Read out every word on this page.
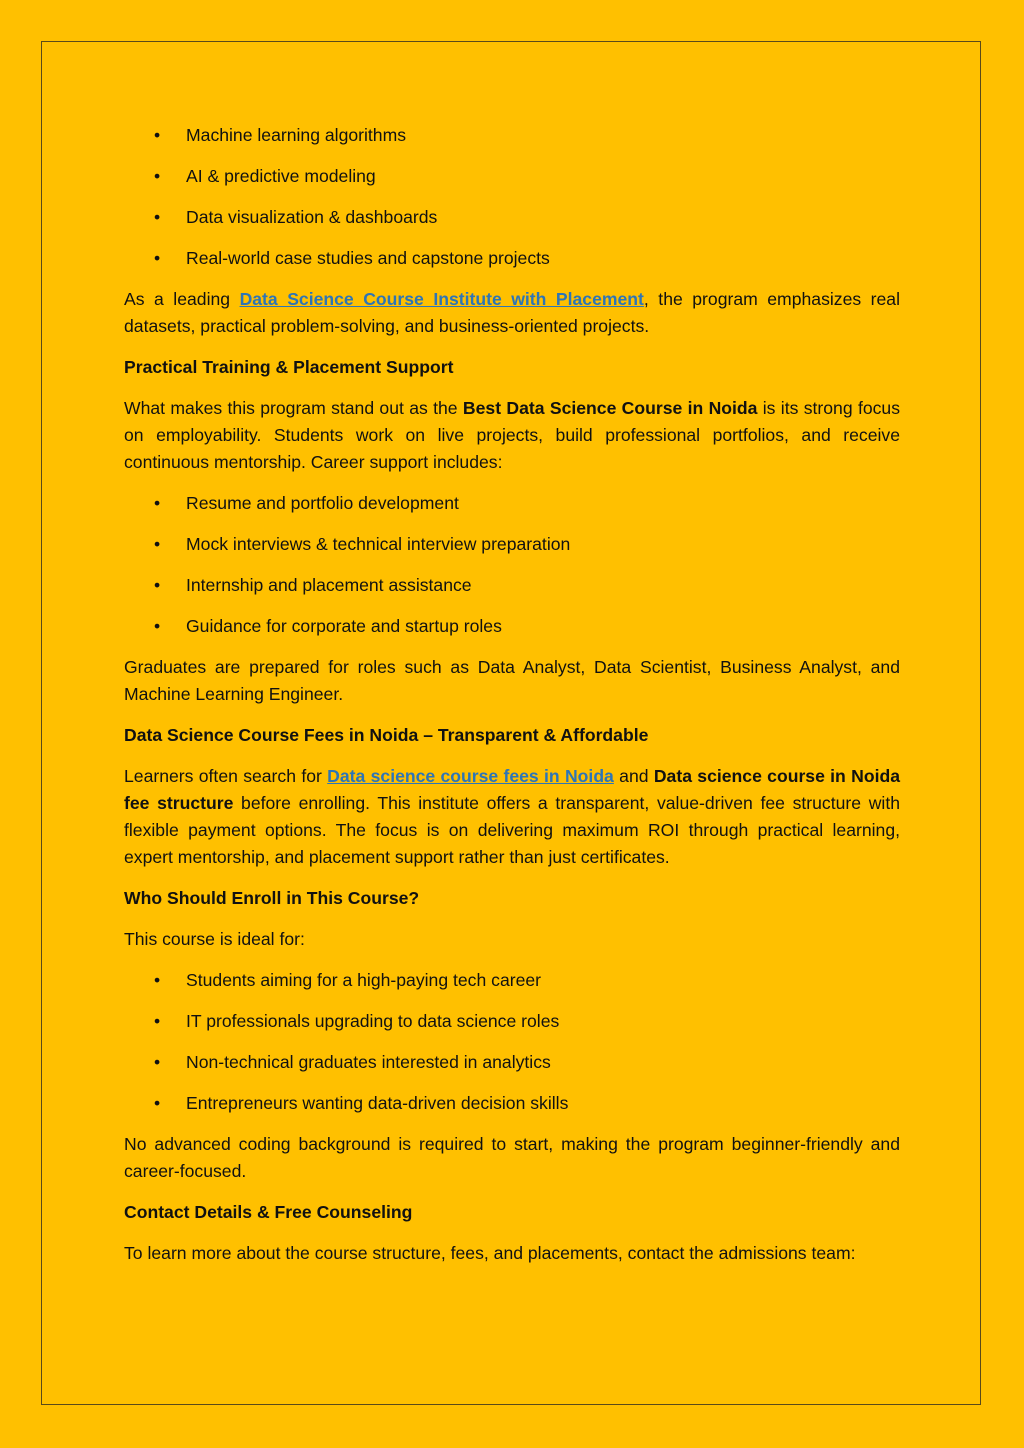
• Machine learning algorithms
• AI & predictive modeling
• Data visualization & dashboards
• Real-world case studies and capstone projects

As a leading Data Science Course Institute with Placement, the program emphasizes real datasets, practical problem-solving, and business-oriented projects.

Practical Training & Placement Support

What makes this program stand out as the Best Data Science Course in Noida is its strong focus on employability. Students work on live projects, build professional portfolios, and receive continuous mentorship. Career support includes:

• Resume and portfolio development
• Mock interviews & technical interview preparation
• Internship and placement assistance
• Guidance for corporate and startup roles

Graduates are prepared for roles such as Data Analyst, Data Scientist, Business Analyst, and Machine Learning Engineer.

Data Science Course Fees in Noida – Transparent & Affordable

Learners often search for Data science course fees in Noida and Data science course in Noida fee structure before enrolling. This institute offers a transparent, value-driven fee structure with flexible payment options. The focus is on delivering maximum ROI through practical learning, expert mentorship, and placement support rather than just certificates.

Who Should Enroll in This Course?

This course is ideal for:

• Students aiming for a high-paying tech career
• IT professionals upgrading to data science roles
• Non-technical graduates interested in analytics
• Entrepreneurs wanting data-driven decision skills

No advanced coding background is required to start, making the program beginner-friendly and career-focused.

Contact Details & Free Counseling

To learn more about the course structure, fees, and placements, contact the admissions team:
